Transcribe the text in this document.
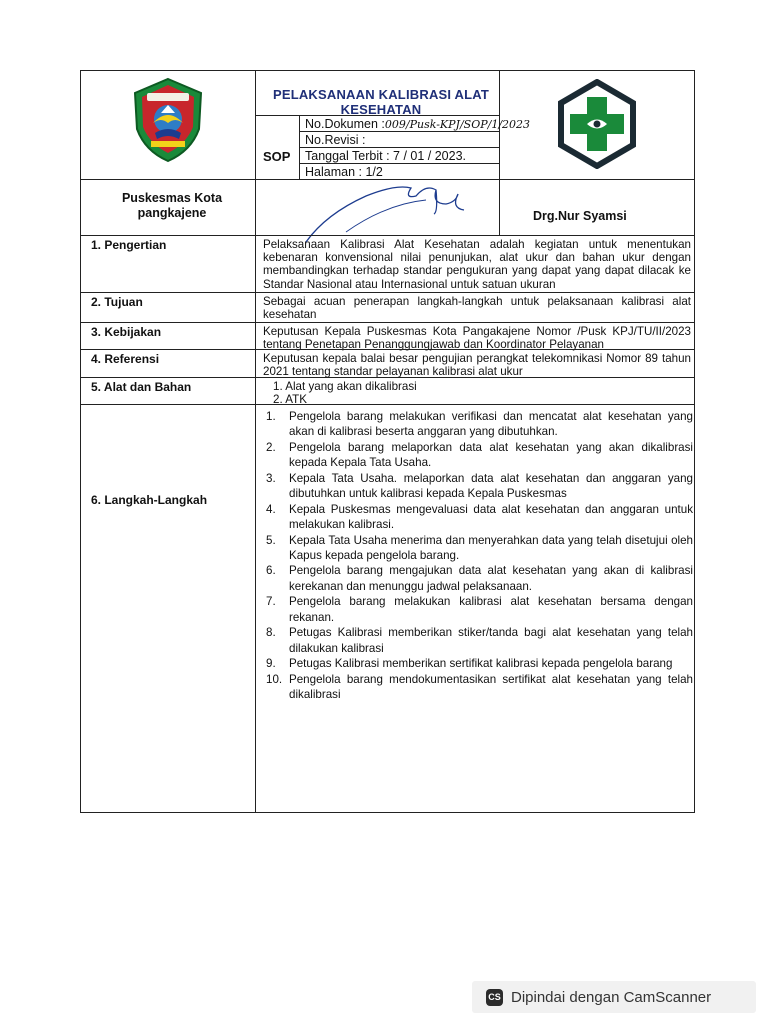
PELAKSANAAN KALIBRASI ALAT
KESEHATAN
SOP
No.Dokumen :009/Pusk-KPJ/SOP/1/2023
No.Revisi :
Tanggal Terbit : 7 / 01 / 2023.
Halaman : 1/2
Puskesmas Kota
pangkajene	Drg.Nur Syamsi
1. Pengertian	Pelaksanaan Kalibrasi Alat Kesehatan adalah kegiatan untuk menentukan kebenaran konvensional nilai penunjukan, alat ukur dan bahan ukur dengan membandingkan terhadap standar pengukuran yang dapat yang dapat dilacak ke Standar Nasional atau Internasional untuk satuan ukuran
2. Tujuan	Sebagai acuan penerapan langkah-langkah untuk pelaksanaan kalibrasi alat kesehatan
3. Kebijakan	Keputusan Kepala Puskesmas Kota Pangakajene Nomor /Pusk KPJ/TU/II/2023 tentang Penetapan Penanggungjawab dan Koordinator Pelayanan
4. Referensi	Keputusan kepala balai besar pengujian perangkat telekomnikasi Nomor 89 tahun 2021 tentang standar pelayanan kalibrasi alat ukur
5. Alat dan Bahan	1. Alat yang akan dikalibrasi
2. ATK
6. Langkah-Langkah
1. Pengelola barang melakukan verifikasi dan mencatat alat kesehatan yang akan di kalibrasi beserta anggaran yang dibutuhkan.
2. Pengelola barang melaporkan data alat kesehatan yang akan dikalibrasi kepada Kepala Tata Usaha.
3. Kepala Tata Usaha. melaporkan data alat kesehatan dan anggaran yang dibutuhkan untuk kalibrasi kepada Kepala Puskesmas
4. Kepala Puskesmas mengevaluasi data alat kesehatan dan anggaran untuk melakukan kalibrasi.
5. Kepala Tata Usaha menerima dan menyerahkan data yang telah disetujui oleh Kapus kepada pengelola barang.
6. Pengelola barang mengajukan data alat kesehatan yang akan di kalibrasi kerekanan dan menunggu jadwal pelaksanaan.
7. Pengelola barang melakukan kalibrasi alat kesehatan bersama dengan rekanan.
8. Petugas Kalibrasi memberikan stiker/tanda bagi alat kesehatan yang telah dilakukan kalibrasi
9. Petugas Kalibrasi memberikan sertifikat kalibrasi kepada pengelola barang
10. Pengelola barang mendokumentasikan sertifikat alat kesehatan yang telah dikalibrasi
CS Dipindai dengan CamScanner
